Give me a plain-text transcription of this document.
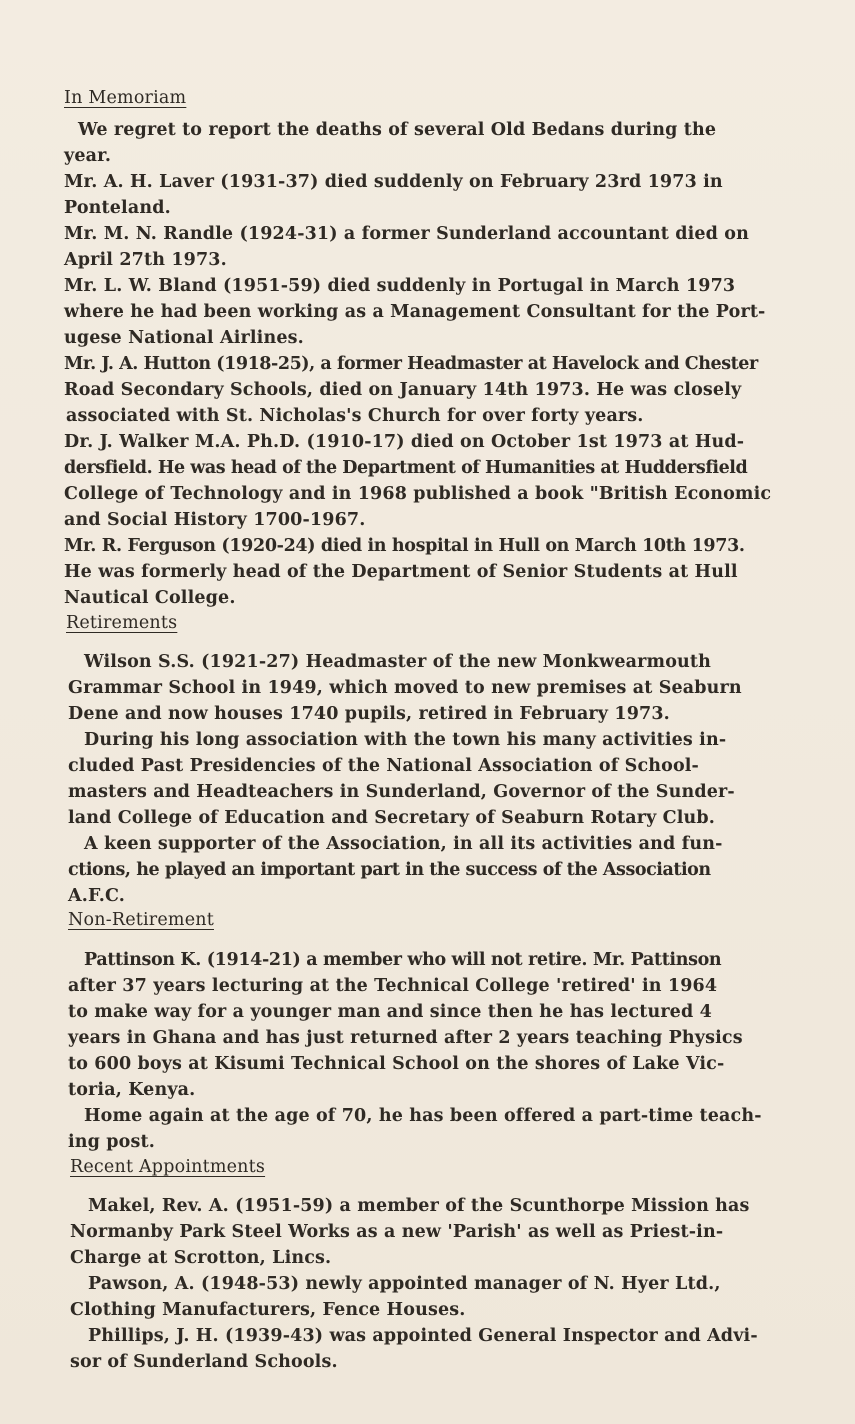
In Memoriam
We regret to report the deaths of several Old Bedans during the
year.
Mr. A. H. Laver (1931-37) died suddenly on February 23rd 1973 in
Ponteland.
Mr. M. N. Randle (1924-31) a former Sunderland accountant died on
April 27th 1973.
Mr. L. W. Bland (1951-59) died suddenly in Portugal in March 1973
where he had been working as a Management Consultant for the Port-
ugese National Airlines.
Mr. J. A. Hutton (1918-25), a former Headmaster at Havelock and Chester
Road Secondary Schools, died on January 14th 1973. He was closely
associated with St. Nicholas's Church for over forty years.
Dr. J. Walker M.A. Ph.D. (1910-17) died on October 1st 1973 at Hud-
dersfield. He was head of the Department of Humanities at Huddersfield
College of Technology and in 1968 published a book "British Economic
and Social History 1700-1967.
Mr. R. Ferguson (1920-24) died in hospital in Hull on March 10th 1973.
He was formerly head of the Department of Senior Students at Hull
Nautical College.
Retirements
Wilson S.S. (1921-27) Headmaster of the new Monkwearmouth
Grammar School in 1949, which moved to new premises at Seaburn
Dene and now houses 1740 pupils, retired in February 1973.
During his long association with the town his many activities in-
cluded Past Presidencies of the National Association of School-
masters and Headteachers in Sunderland, Governor of the Sunder-
land College of Education and Secretary of Seaburn Rotary Club.
A keen supporter of the Association, in all its activities and fun-
ctions, he played an important part in the success of the Association
A.F.C.
Non-Retirement
Pattinson K. (1914-21) a member who will not retire. Mr. Pattinson
after 37 years lecturing at the Technical College 'retired' in 1964
to make way for a younger man and since then he has lectured 4
years in Ghana and has just returned after 2 years teaching Physics
to 600 boys at Kisumi Technical School on the shores of Lake Vic-
toria, Kenya.
Home again at the age of 70, he has been offered a part-time teach-
ing post.
Recent Appointments
Makel, Rev. A. (1951-59) a member of the Scunthorpe Mission has
Normanby Park Steel Works as a new 'Parish' as well as Priest-in-
Charge at Scrotton, Lincs.
Pawson, A. (1948-53) newly appointed manager of N. Hyer Ltd.,
Clothing Manufacturers, Fence Houses.
Phillips, J. H. (1939-43) was appointed General Inspector and Advi-
sor of Sunderland Schools.
